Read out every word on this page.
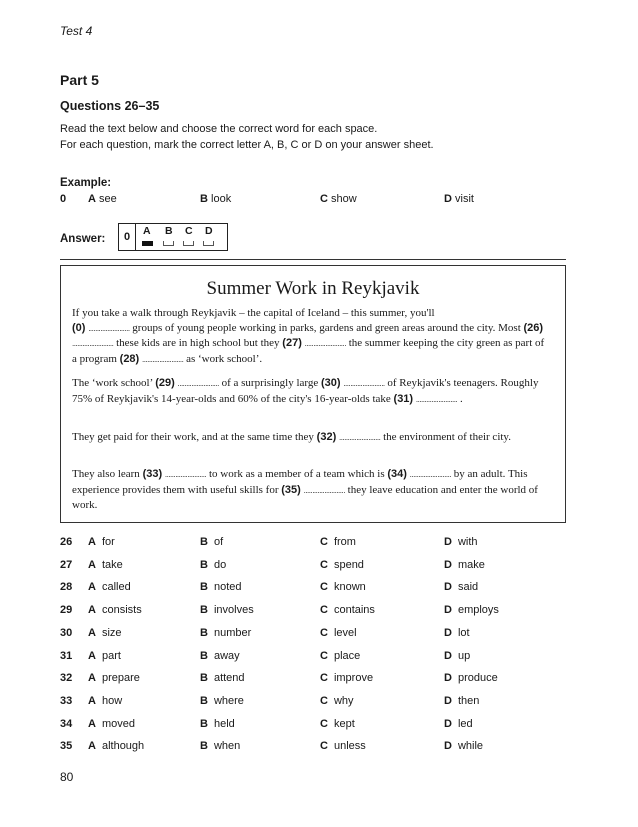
Test 4
Part 5
Questions 26–35
Read the text below and choose the correct word for each space.
For each question, mark the correct letter A, B, C or D on your answer sheet.
Example:
0 A see	B look	C show	D visit
Answer:	0	A B C D
Summer Work in Reykjavik
If you take a walk through Reykjavik – the capital of Iceland – this summer, you'll
(0) ........................ groups of young people working in parks, gardens and green areas around the city. Most (26) ........................ these kids are in high school but they (27) ........................ the summer keeping the city green as part of a program (28) ........................ as ‘work school’.
The ‘work school’ (29) ........................ of a surprisingly large (30) ........................ of Reykjavik's teenagers. Roughly 75% of Reykjavik's 14-year-olds and 60% of the city's 16-year-olds take (31) ........................ .
They get paid for their work, and at the same time they (32) ........................ the environment of their city.
They also learn (33) ........................ to work as a member of a team which is (34) ........................ by an adult. This experience provides them with useful skills for (35) ........................ they leave education and enter the world of work.
26 A for	B of	C from	D with
27 A take	B do	C spend	D make
28 A called	B noted	C known	D said
29 A consists	B involves	C contains	D employs
30 A size	B number	C level	D lot
31 A part	B away	C place	D up
32 A prepare	B attend	C improve	D produce
33 A how	B where	C why	D then
34 A moved	B held	C kept	D led
35 A although	B when	C unless	D while
80
